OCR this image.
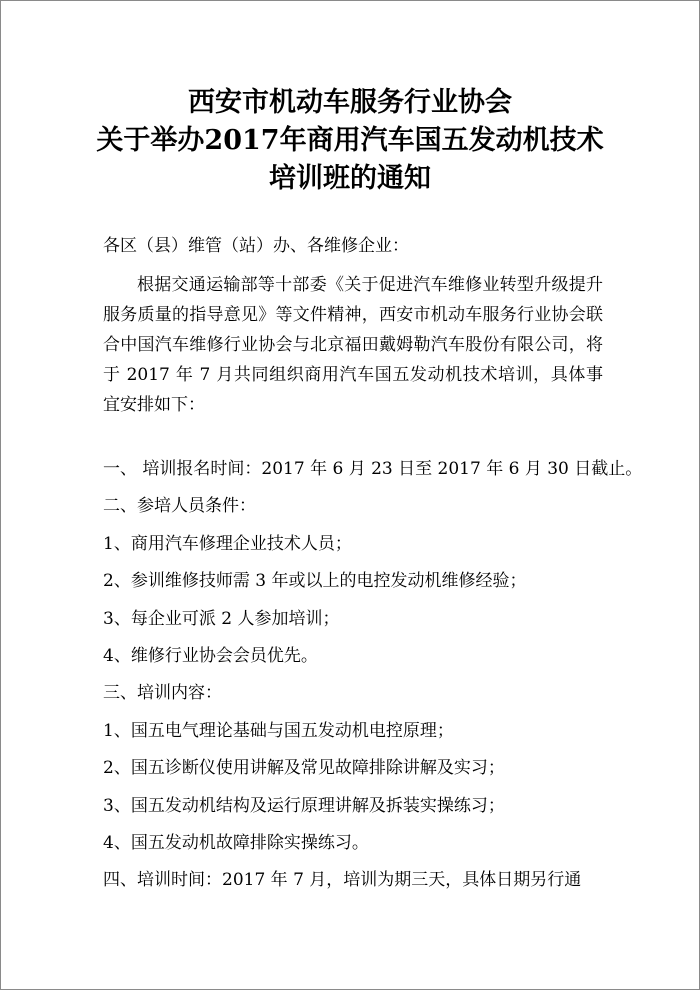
西安市机动车服务行业协会
关于举办2017年商用汽车国五发动机技术
培训班的通知
各区（县）维管（站）办、各维修企业：
根据交通运输部等十部委《关于促进汽车维修业转型升级提升服务质量的指导意见》等文件精神，西安市机动车服务行业协会联合中国汽车维修行业协会与北京福田戴姆勒汽车股份有限公司，将于 2017 年 7 月共同组织商用汽车国五发动机技术培训，具体事宜安排如下：
一、 培训报名时间：2017 年 6 月 23 日至 2017 年 6 月 30 日截止。
二、参培人员条件：
1、商用汽车修理企业技术人员；
2、参训维修技师需 3 年或以上的电控发动机维修经验；
3、每企业可派 2 人参加培训；
4、维修行业协会会员优先。
三、培训内容：
1、国五电气理论基础与国五发动机电控原理；
2、国五诊断仪使用讲解及常见故障排除讲解及实习；
3、国五发动机结构及运行原理讲解及拆装实操练习；
4、国五发动机故障排除实操练习。
四、培训时间：2017 年 7 月，培训为期三天，具体日期另行通
